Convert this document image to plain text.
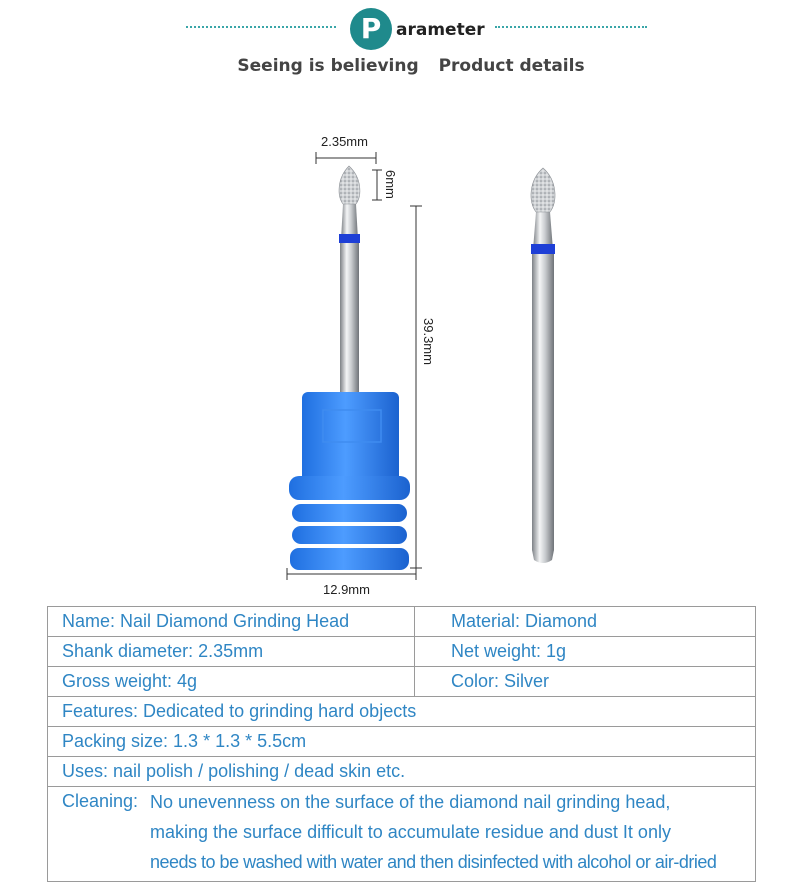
P arameter
Seeing is believing Product details
2.35mm
6mm
39.3mm
12.9mm
Name: Nail Diamond Grinding Head	Material: Diamond
Shank diameter: 2.35mm	Net weight: 1g
Gross weight: 4g	Color: Silver
Features: Dedicated to grinding hard objects	
Packing size: 1.3 * 1.3 * 5.5cm	
Uses: nail polish / polishing / dead skin etc.	
Cleaning: No unevenness on the surface of the diamond nail grinding head,
making the surface difficult to accumulate residue and dust It only
needs to be washed with water and then disinfected with alcohol or air-dried	
